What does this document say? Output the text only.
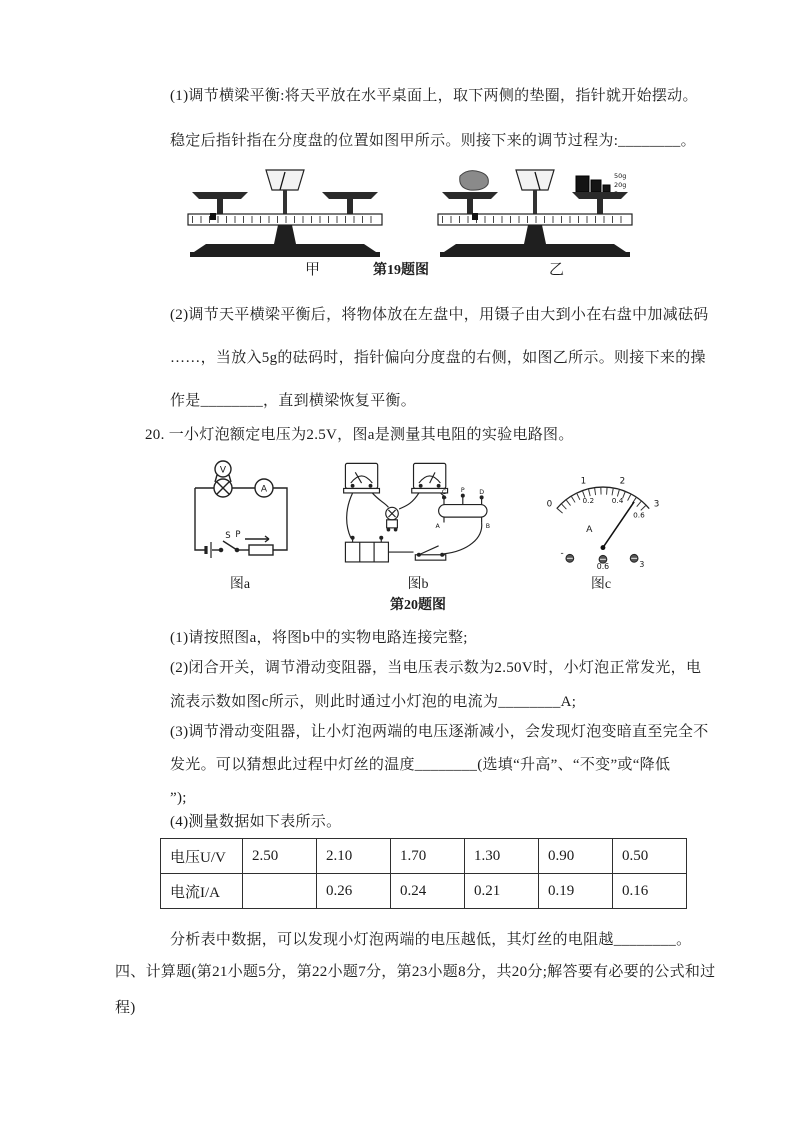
(1)调节横梁平衡:将天平放在水平桌面上，取下两侧的垫圈，指针就开始摆动。
稳定后指针指在分度盘的位置如图甲所示。则接下来的调节过程为:________。
50g
20g
甲	第19题图	乙
(2)调节天平横梁平衡后，将物体放在左盘中，用镊子由大到小在右盘中加减砝码
……，当放入5g的砝码时，指针偏向分度盘的右侧，如图乙所示。则接下来的操
作是________，直到横梁恢复平衡。
20. 一小灯泡额定电压为2.5V，图a是测量其电阻的实验电路图。
V
A
S P
图a
C P D
A	B
图b
0
1	2
3
0.2 0.4
0.6
A
-
0.6	3
图c
第20题图
(1)请按照图a，将图b中的实物电路连接完整;
(2)闭合开关，调节滑动变阻器，当电压表示数为2.50V时，小灯泡正常发光，电
流表示数如图c所示，则此时通过小灯泡的电流为________A;
(3)调节滑动变阻器，让小灯泡两端的电压逐渐减小，会发现灯泡变暗直至完全不
发光。可以猜想此过程中灯丝的温度________(选填“升高”、“不变”或“降低
”);
(4)测量数据如下表所示。
电压U/V	2.50	2.10	1.70	1.30	0.90	0.50
电流I/A		0.26	0.24	0.21	0.19	0.16
分析表中数据，可以发现小灯泡两端的电压越低，其灯丝的电阻越________。
四、计算题(第21小题5分，第22小题7分，第23小题8分，共20分;解答要有必要的公式和过
程)
